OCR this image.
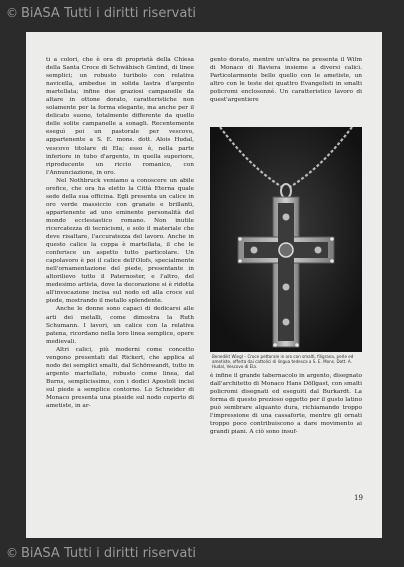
© BiASA Tutti i diritti riservati

ti a colori, che è ora di proprietà della Chiesa della Santa Croce di Schwäbisch Gmünd, di linee semplici; un robusto turibolo con relativa navicella, ambedue in solida lastra d'argento martellata; infine due graziosi campanelle da altare in ottone dorato, caratteristiche non solamente per la forma elegante, ma anche per il delicato suono, totalmente differente da quello delle solite campanelle a sonagli. Recentemente eseguì poi un pastorale per vescovo, appartenente a S. E. mons. dott. Alois Hudal, vescovo titolare di Ela; esso è, nella parte inferiore in tubo d'argento, in quella superiore, riproducente un riccio romanico, con l'Annunciazione, in oro.

Nel Nothbruck veniamo a conoscere un abile orefice, che ora ha eletto la Città Eterna quale sede della sua officina. Egli presenta un calice in oro verde massiccio con granate e brillanti, appartenente ad uno eminente personalità del mondo ecclesiastico romano. Non inutile ricercatezza di tecnicismi, e solo il materiale che deve risaltare, l'accuratezza del lavoro. Anche in questo calice la coppa è martellata, il che le conferisce un aspetto tutto particolare. Un capolavoro è poi il calice dell'Olofs, specialmente nell'ornamentazione del piede, presentante in altorilievo tutto il Paternoster, e l'altro, del medesimo artista, dove la decorazione si è ridotta all'invocazione incisa sul nodo ed alla croce sul piede, mostrando il metallo splendente.

Anche le donne sono capaci di dedicarsi alle arti dei metalli, come dimostra la Ruth Schumann. I lavori, un calice con la relativa patena, ricordano nella loro linea semplice, opere medievali.

Altri calici, più moderni come concetto vengono presentati dal Rickert, che applica al nodo dei semplici smalti, dal Schönwandt, tutto in argento martellato, robusto come linea, dal Burns, semplicissimo, con i dodici Apostoli incisi sul piede a semplice contorno. Lo Schneider di Monaco presenta una pisside sul nodo coperto di ametiste, in ar-

gento dorato, mentre un'altra ne presenta il Wilm di Monaco di Baviera insieme a diversi calici. Particolarmente bello quello con le ametiste, un altro con le teste dei quattro Evangelisti in smalti policromi enclosonné. Un caratteristico lavoro di quest'argentiere

Benedikt Wiegl – Croce pettorale in oro con smalti, filigrana, perle ed ametiste, offerta dai cattolici di lingua tedesca a S. E. Mons. Dott. A. Hudal, Vescovo di Ela.

è infine il grande tabernacolo in argento, disegnato dall'architetto di Monaco Hans Döllgast, con smalti policromi disegnati ed eseguiti dal Burkardt. La forma di questo prezioso oggetto per il gusto latino può sembrare alquanto dura, richiamando troppo l'impressione di una cassaforte, mentre gli ornati troppo poco contribuiscono a dare movimento ai grandi piani. A ciò sono insuf-

19
© BiASA Tutti i diritti riservati
